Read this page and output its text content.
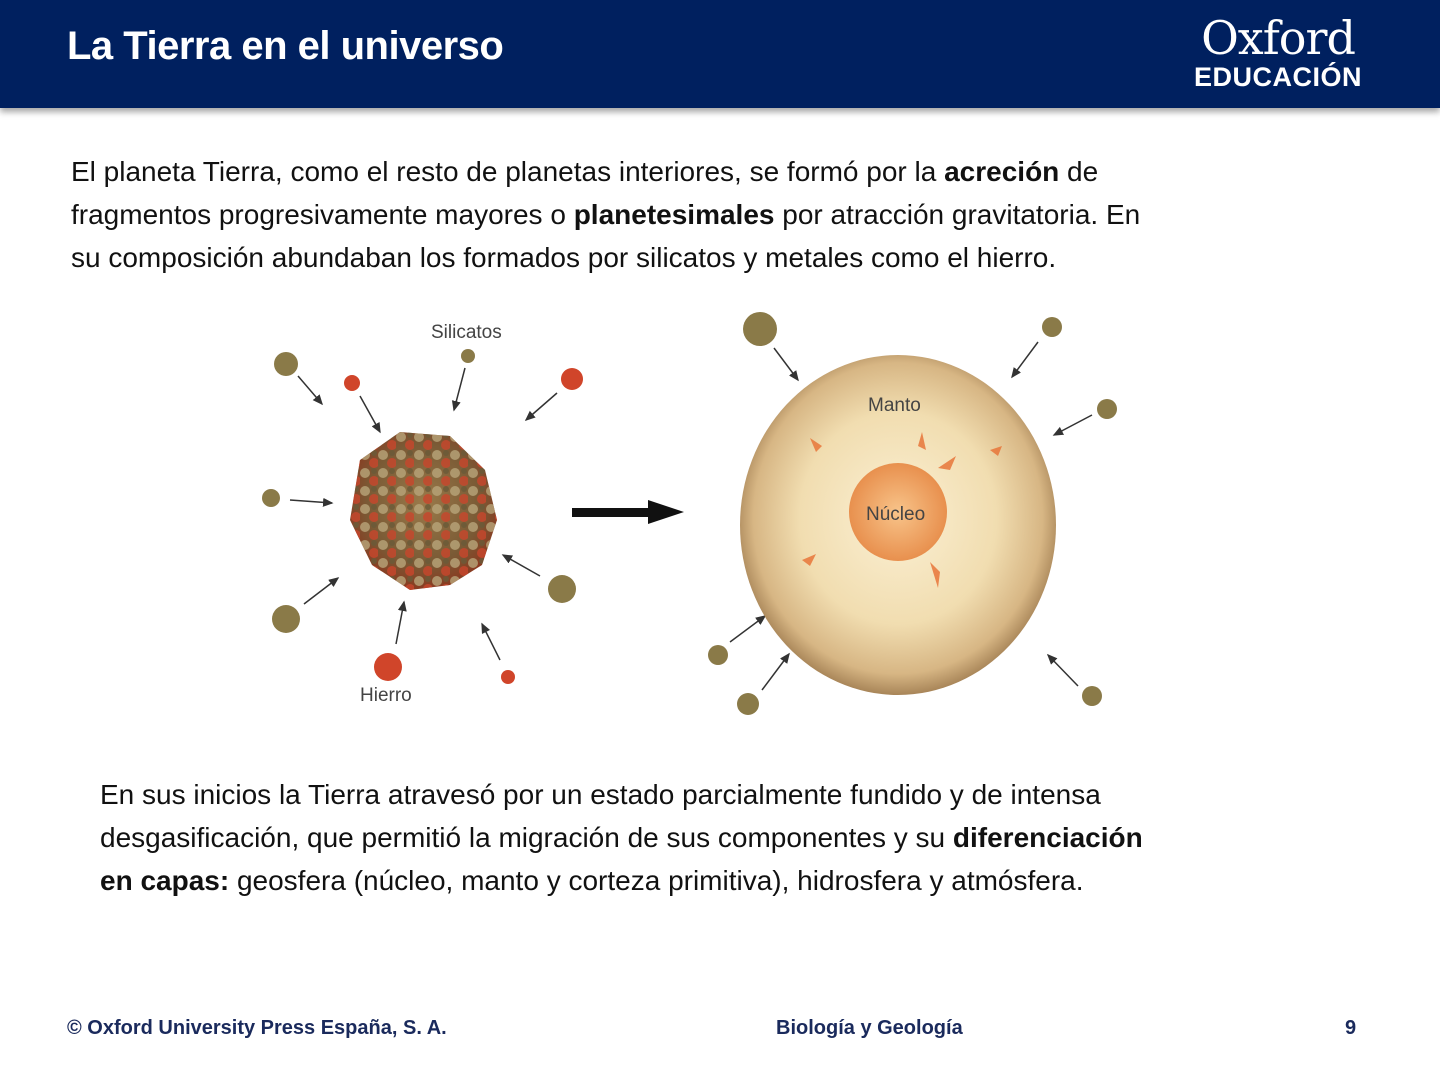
La Tierra en el universo	Oxford
EDUCACIÓN
El planeta Tierra, como el resto de planetas interiores, se formó por la acreción de
fragmentos progresivamente mayores o planetesimales por atracción gravitatoria. En
su composición abundaban los formados por silicatos y metales como el hierro.
Silicatos
Hierro
Manto
Núcleo
En sus inicios la Tierra atravesó por un estado parcialmente fundido y de intensa
desgasificación, que permitió la migración de sus componentes y su diferenciación
en capas: geosfera (núcleo, manto y corteza primitiva), hidrosfera y atmósfera.
© Oxford University Press España, S. A.	Biología y Geología	9
